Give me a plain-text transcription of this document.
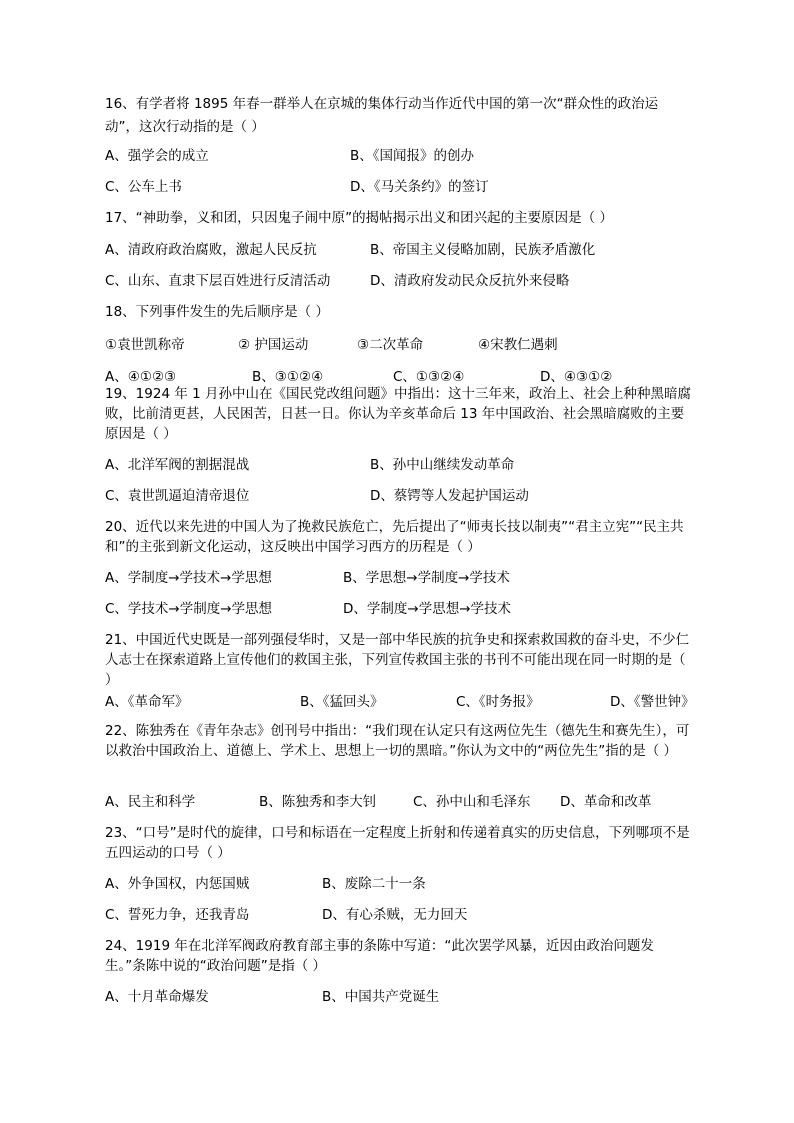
16、有学者将 1895 年春一群举人在京城的集体行动当作近代中国的第一次“群众性的政治运
动”，这次行动指的是（ ）
A、强学会的成立	B、《国闻报》的创办
C、公车上书	D、《马关条约》的签订
17、“神助拳，义和团，只因鬼子闹中原”的揭帖揭示出义和团兴起的主要原因是（ ）
A、清政府政治腐败，激起人民反抗	B、帝国主义侵略加剧，民族矛盾激化
C、山东、直隶下层百姓进行反清活动	D、清政府发动民众反抗外来侵略
18、下列事件发生的先后顺序是（ ）
①袁世凯称帝	② 护国运动	③二次革命	④宋教仁遇刺
A、④①②③	B、③①②④	C、①③②④	D、④③①②
19、1924 年 1 月孙中山在《国民党改组问题》中指出：这十三年来，政治上、社会上种种黑暗腐败，比前清更甚，人民困苦，日甚一日。你认为辛亥革命后 13 年中国政治、社会黑暗腐败的主要原因是（ ）
A、北洋军阀的割据混战	B、孙中山继续发动革命
C、袁世凯逼迫清帝退位	D、蔡锷等人发起护国运动
20、近代以来先进的中国人为了挽救民族危亡，先后提出了“师夷长技以制夷”“君主立宪”“民主共和”的主张到新文化运动，这反映出中国学习西方的历程是（ ）
A、学制度→学技术→学思想	B、学思想→学制度→学技术
C、学技术→学制度→学思想	D、学制度→学思想→学技术
21、中国近代史既是一部列强侵华时，又是一部中华民族的抗争史和探索救国救的奋斗史，不少仁人志士在探索道路上宣传他们的救国主张，下列宣传救国主张的书刊不可能出现在同一时期的是（ ）
A、《革命军》	B、《猛回头》	C、《时务报》	D、《警世钟》
22、陈独秀在《青年杂志》创刊号中指出：“我们现在认定只有这两位先生（德先生和赛先生），可以救治中国政治上、道德上、学术上、思想上一切的黑暗。”你认为文中的“两位先生”指的是（ ）
A、民主和科学	B、陈独秀和李大钊	C、孙中山和毛泽东 D、革命和改革
23、“口号”是时代的旋律，口号和标语在一定程度上折射和传递着真实的历史信息，下列哪项不是五四运动的口号（ ）
A、外争国权，内惩国贼	B、废除二十一条
C、誓死力争，还我青岛	D、有心杀贼，无力回天
24、1919 年在北洋军阀政府教育部主事的条陈中写道：“此次罢学风暴，近因由政治问题发生。”条陈中说的“政治问题”是指（ ）
A、十月革命爆发	B、中国共产党诞生
